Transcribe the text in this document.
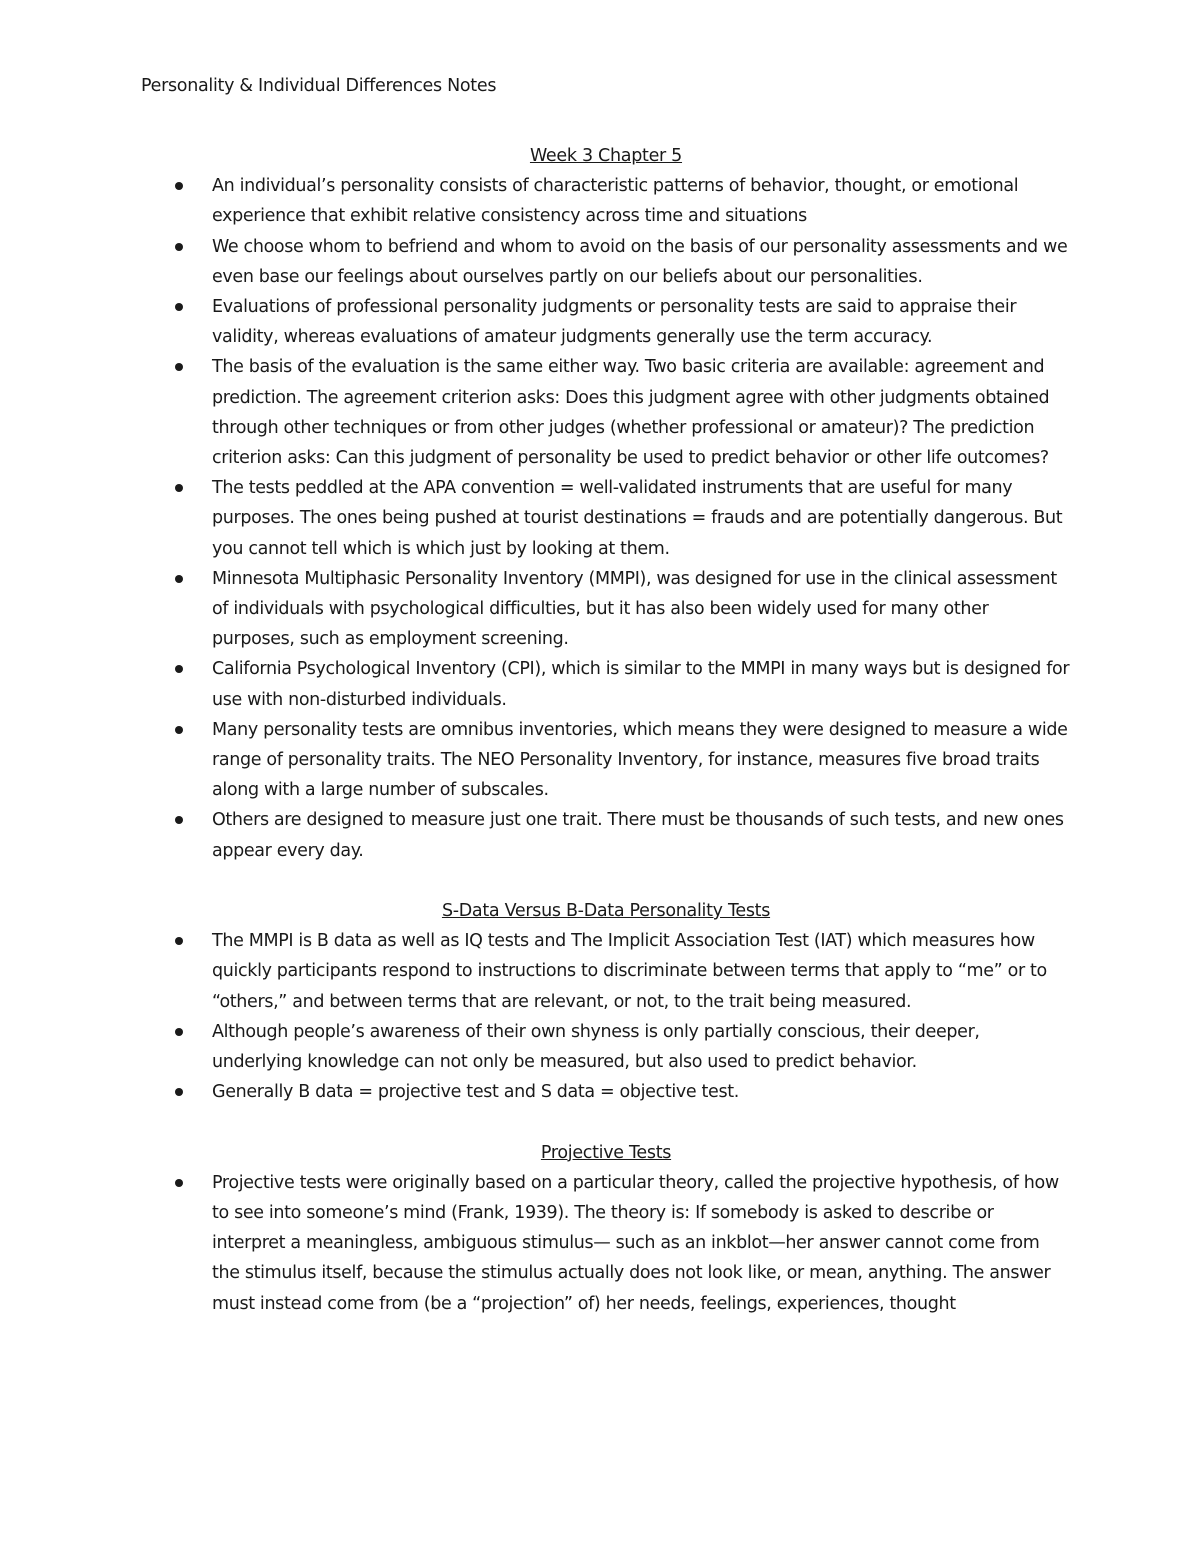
Personality & Individual Differences Notes
Week 3 Chapter 5
An individual’s personality consists of characteristic patterns of behavior, thought, or emotional experience that exhibit relative consistency across time and situations
We choose whom to befriend and whom to avoid on the basis of our personality assessments and we even base our feelings about ourselves partly on our beliefs about our personalities.
Evaluations of professional personality judgments or personality tests are said to appraise their validity, whereas evaluations of amateur judgments generally use the term accuracy.
The basis of the evaluation is the same either way. Two basic criteria are available: agreement and prediction. The agreement criterion asks: Does this judgment agree with other judgments obtained through other techniques or from other judges (whether professional or amateur)? The prediction criterion asks: Can this judgment of personality be used to predict behavior or other life outcomes?
The tests peddled at the APA convention = well-validated instruments that are useful for many purposes. The ones being pushed at tourist destinations = frauds and are potentially dangerous. But you cannot tell which is which just by looking at them.
Minnesota Multiphasic Personality Inventory (MMPI), was designed for use in the clinical assessment of individuals with psychological difficulties, but it has also been widely used for many other purposes, such as employment screening.
California Psychological Inventory (CPI), which is similar to the MMPI in many ways but is designed for use with non-disturbed individuals.
Many personality tests are omnibus inventories, which means they were designed to measure a wide range of personality traits. The NEO Personality Inventory, for instance, measures five broad traits along with a large number of subscales.
Others are designed to measure just one trait. There must be thousands of such tests, and new ones appear every day.
S-Data Versus B-Data Personality Tests
The MMPI is B data as well as IQ tests and The Implicit Association Test (IAT) which measures how quickly participants respond to instructions to discriminate between terms that apply to “me” or to “others,” and between terms that are relevant, or not, to the trait being measured.
Although people’s awareness of their own shyness is only partially conscious, their deeper, underlying knowledge can not only be measured, but also used to predict behavior.
Generally B data = projective test and S data = objective test.
Projective Tests
Projective tests were originally based on a particular theory, called the projective hypothesis, of how to see into someone’s mind (Frank, 1939). The theory is: If somebody is asked to describe or interpret a meaningless, ambiguous stimulus— such as an inkblot—her answer cannot come from the stimulus itself, because the stimulus actually does not look like, or mean, anything. The answer must instead come from (be a “projection” of) her needs, feelings, experiences, thought
